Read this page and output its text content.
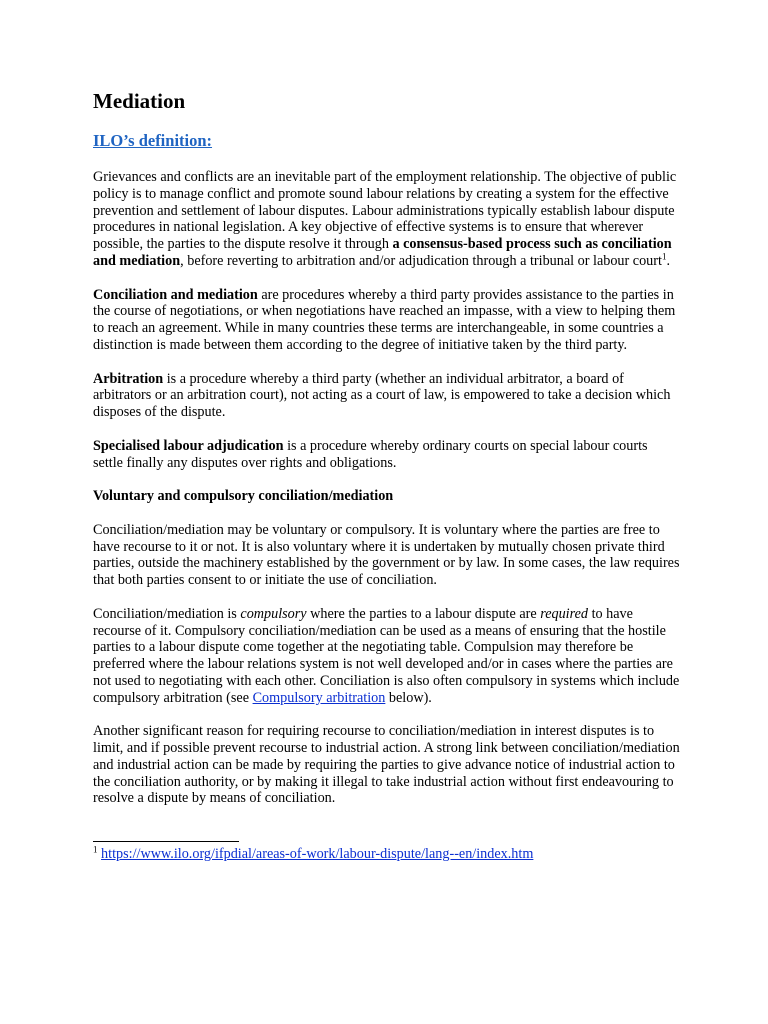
Mediation
ILO’s definition:

Grievances and conflicts are an inevitable part of the employment relationship. The objective of public policy is to manage conflict and promote sound labour relations by creating a system for the effective prevention and settlement of labour disputes. Labour administrations typically establish labour dispute procedures in national legislation. A key objective of effective systems is to ensure that wherever possible, the parties to the dispute resolve it through a consensus-based process such as conciliation and mediation, before reverting to arbitration and/or adjudication through a tribunal or labour court$^1$.

Conciliation and mediation are procedures whereby a third party provides assistance to the parties in the course of negotiations, or when negotiations have reached an impasse, with a view to helping them to reach an agreement. While in many countries these terms are interchangeable, in some countries a distinction is made between them according to the degree of initiative taken by the third party.

Arbitration is a procedure whereby a third party (whether an individual arbitrator, a board of arbitrators or an arbitration court), not acting as a court of law, is empowered to take a decision which disposes of the dispute.

Specialised labour adjudication is a procedure whereby ordinary courts on special labour courts settle finally any disputes over rights and obligations.

Voluntary and compulsory conciliation/mediation

Conciliation/mediation may be voluntary or compulsory. It is voluntary where the parties are free to have recourse to it or not. It is also voluntary where it is undertaken by mutually chosen private third parties, outside the machinery established by the government or by law. In some cases, the law requires that both parties consent to or initiate the use of conciliation.

Conciliation/mediation is compulsory where the parties to a labour dispute are required to have recourse of it. Compulsory conciliation/mediation can be used as a means of ensuring that the hostile parties to a labour dispute come together at the negotiating table. Compulsion may therefore be preferred where the labour relations system is not well developed and/or in cases where the parties are not used to negotiating with each other. Conciliation is also often compulsory in systems which include compulsory arbitration (see Compulsory arbitration below).

Another significant reason for requiring recourse to conciliation/mediation in interest disputes is to limit, and if possible prevent recourse to industrial action. A strong link between conciliation/mediation and industrial action can be made by requiring the parties to give advance notice of industrial action to the conciliation authority, or by making it illegal to take industrial action without first endeavouring to resolve a dispute by means of conciliation.

$^1$ https://www.ilo.org/ifpdial/areas-of-work/labour-dispute/lang--en/index.htm
